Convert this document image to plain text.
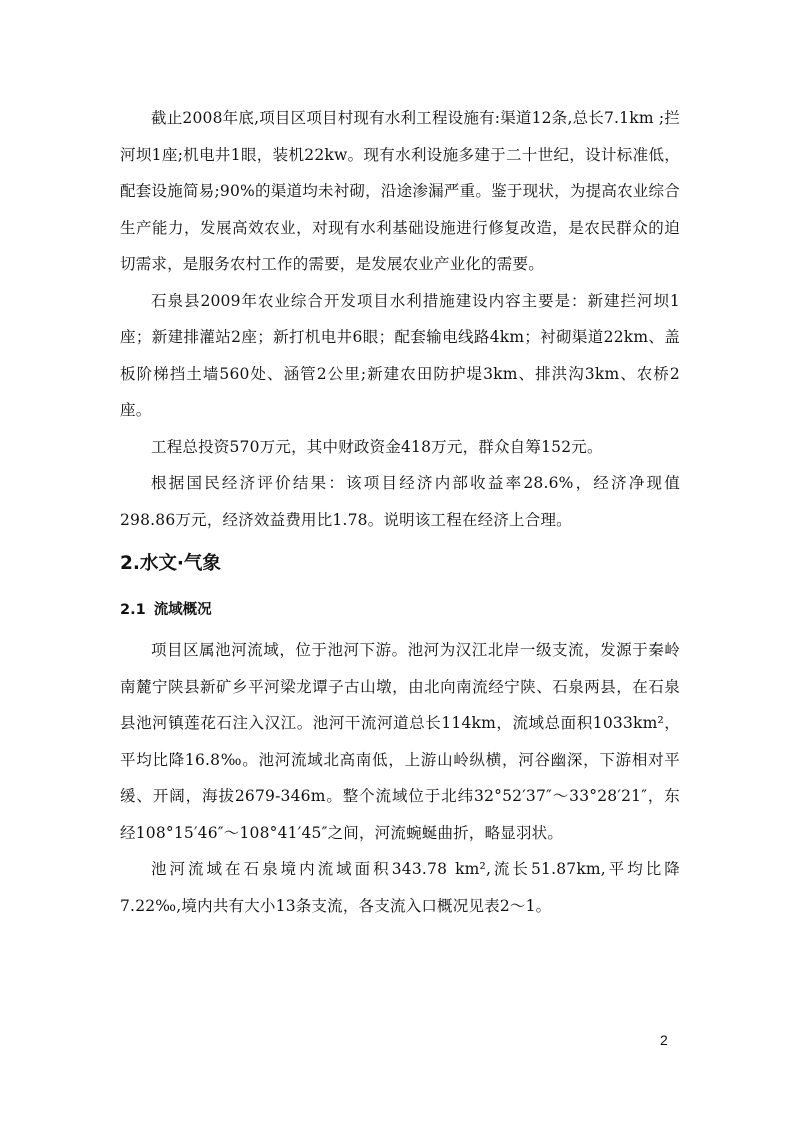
截止2008年底,项目区项目村现有水利工程设施有:渠道12条,总长7.1km ;拦河坝1座;机电井1眼，装机22kw。现有水利设施多建于二十世纪，设计标准低，配套设施简易;90%的渠道均未衬砌，沿途渗漏严重。鉴于现状，为提高农业综合生产能力，发展高效农业，对现有水利基础设施进行修复改造，是农民群众的迫切需求，是服务农村工作的需要，是发展农业产业化的需要。

石泉县2009年农业综合开发项目水利措施建设内容主要是：新建拦河坝1座；新建排灌站2座；新打机电井6眼；配套输电线路4km；衬砌渠道22km、盖板阶梯挡土墙560处、涵管2公里;新建农田防护堤3km、排洪沟3km、农桥2座。

工程总投资570万元，其中财政资金418万元，群众自筹152元。

根据国民经济评价结果：该项目经济内部收益率28.6%，经济净现值298.86万元，经济效益费用比1.78。说明该工程在经济上合理。

2.水文·气象
2.1 流域概况

项目区属池河流域，位于池河下游。池河为汉江北岸一级支流，发源于秦岭南麓宁陕县新矿乡平河梁龙谭子古山墩，由北向南流经宁陕、石泉两县，在石泉县池河镇莲花石注入汉江。池河干流河道总长114km，流域总面积1033km²，平均比降16.8‰。池河流域北高南低，上游山岭纵横，河谷幽深，下游相对平缓、开阔，海拔2679-346m。整个流域位于北纬32°52′37″～33°28′21″，东经108°15′46″～108°41′45″之间，河流蜿蜒曲折，略显羽状。

池河流域在石泉境内流域面积343.78 km²,流长51.87km,平均比降7.22‰,境内共有大小13条支流，各支流入口概况见表2～1。

2
